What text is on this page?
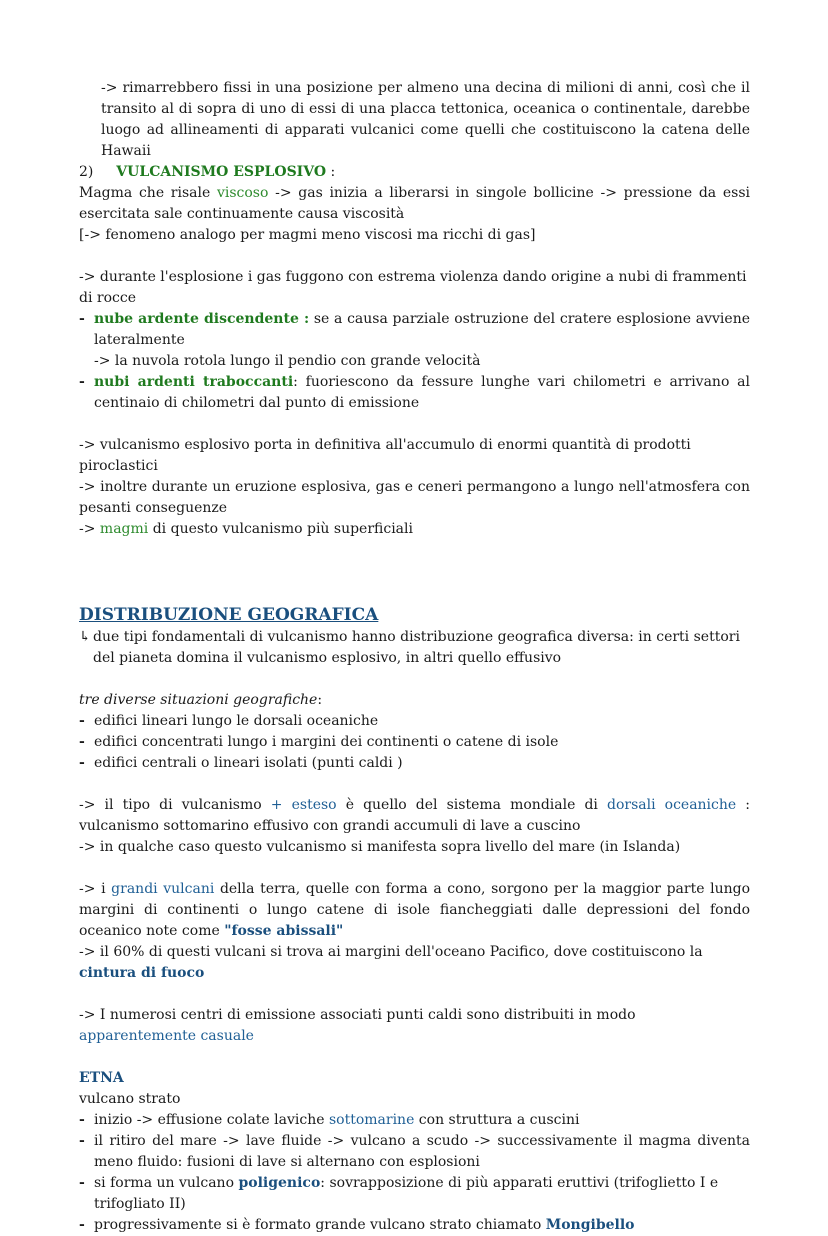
-> rimarrebbero fissi in una posizione per almeno una decina di milioni di anni, così che il transito al di sopra di uno di essi di una placca tettonica, oceanica o continentale, darebbe luogo ad allineamenti di apparati vulcanici come quelli che costituiscono la catena delle Hawaii

2) VULCANISMO ESPLOSIVO :

Magma che risale viscoso -> gas inizia a liberarsi in singole bollicine -> pressione da essi esercitata sale continuamente causa viscosità

[-> fenomeno analogo per magmi meno viscosi ma ricchi di gas]

-> durante l'esplosione i gas fuggono con estrema violenza dando origine a nubi di frammenti di rocce

- nube ardente discendente : se a causa parziale ostruzione del cratere esplosione avviene lateralmente

-> la nuvola rotola lungo il pendio con grande velocità

- nubi ardenti traboccanti: fuoriescono da fessure lunghe vari chilometri e arrivano al centinaio di chilometri dal punto di emissione

-> vulcanismo esplosivo porta in definitiva all'accumulo di enormi quantità di prodotti piroclastici

-> inoltre durante un eruzione esplosiva, gas e ceneri permangono a lungo nell'atmosfera con pesanti conseguenze

-> magmi di questo vulcanismo più superficiali

DISTRIBUZIONE GEOGRAFICA

↳ due tipi fondamentali di vulcanismo hanno distribuzione geografica diversa: in certi settori del pianeta domina il vulcanismo esplosivo, in altri quello effusivo

tre diverse situazioni geografiche:

- edifici lineari lungo le dorsali oceaniche

- edifici concentrati lungo i margini dei continenti o catene di isole

- edifici centrali o lineari isolati (punti caldi )

-> il tipo di vulcanismo + esteso è quello del sistema mondiale di dorsali oceaniche : vulcanismo sottomarino effusivo con grandi accumuli di lave a cuscino

-> in qualche caso questo vulcanismo si manifesta sopra livello del mare (in Islanda)

-> i grandi vulcani della terra, quelle con forma a cono, sorgono per la maggior parte lungo margini di continenti o lungo catene di isole fiancheggiati dalle depressioni del fondo oceanico note come "fosse abissali"

-> il 60% di questi vulcani si trova ai margini dell'oceano Pacifico, dove costituiscono la cintura di fuoco

-> I numerosi centri di emissione associati punti caldi sono distribuiti in modo apparentemente casuale

ETNA

vulcano strato

- inizio -> effusione colate laviche sottomarine con struttura a cuscini

- il ritiro del mare -> lave fluide -> vulcano a scudo -> successivamente il magma diventa meno fluido: fusioni di lave si alternano con esplosioni

- si forma un vulcano poligenico: sovrapposizione di più apparati eruttivi (trifoglietto I e trifogliato II)

- progressivamente si è formato grande vulcano strato chiamato Mongibello
